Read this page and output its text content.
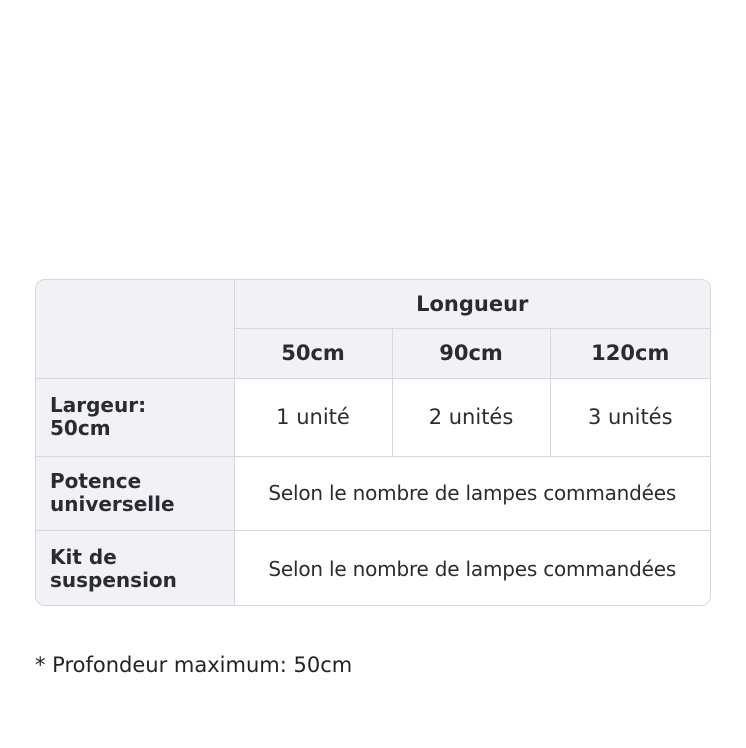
	Longueur		
	50cm	90cm	120cm

Largeur:
50cm	1 unité	2 unités	3 unités

Potence
universelle	Selon le nombre de lampes commandées		

Kit de
suspension	Selon le nombre de lampes commandées		
* Profondeur maximum: 50cm
